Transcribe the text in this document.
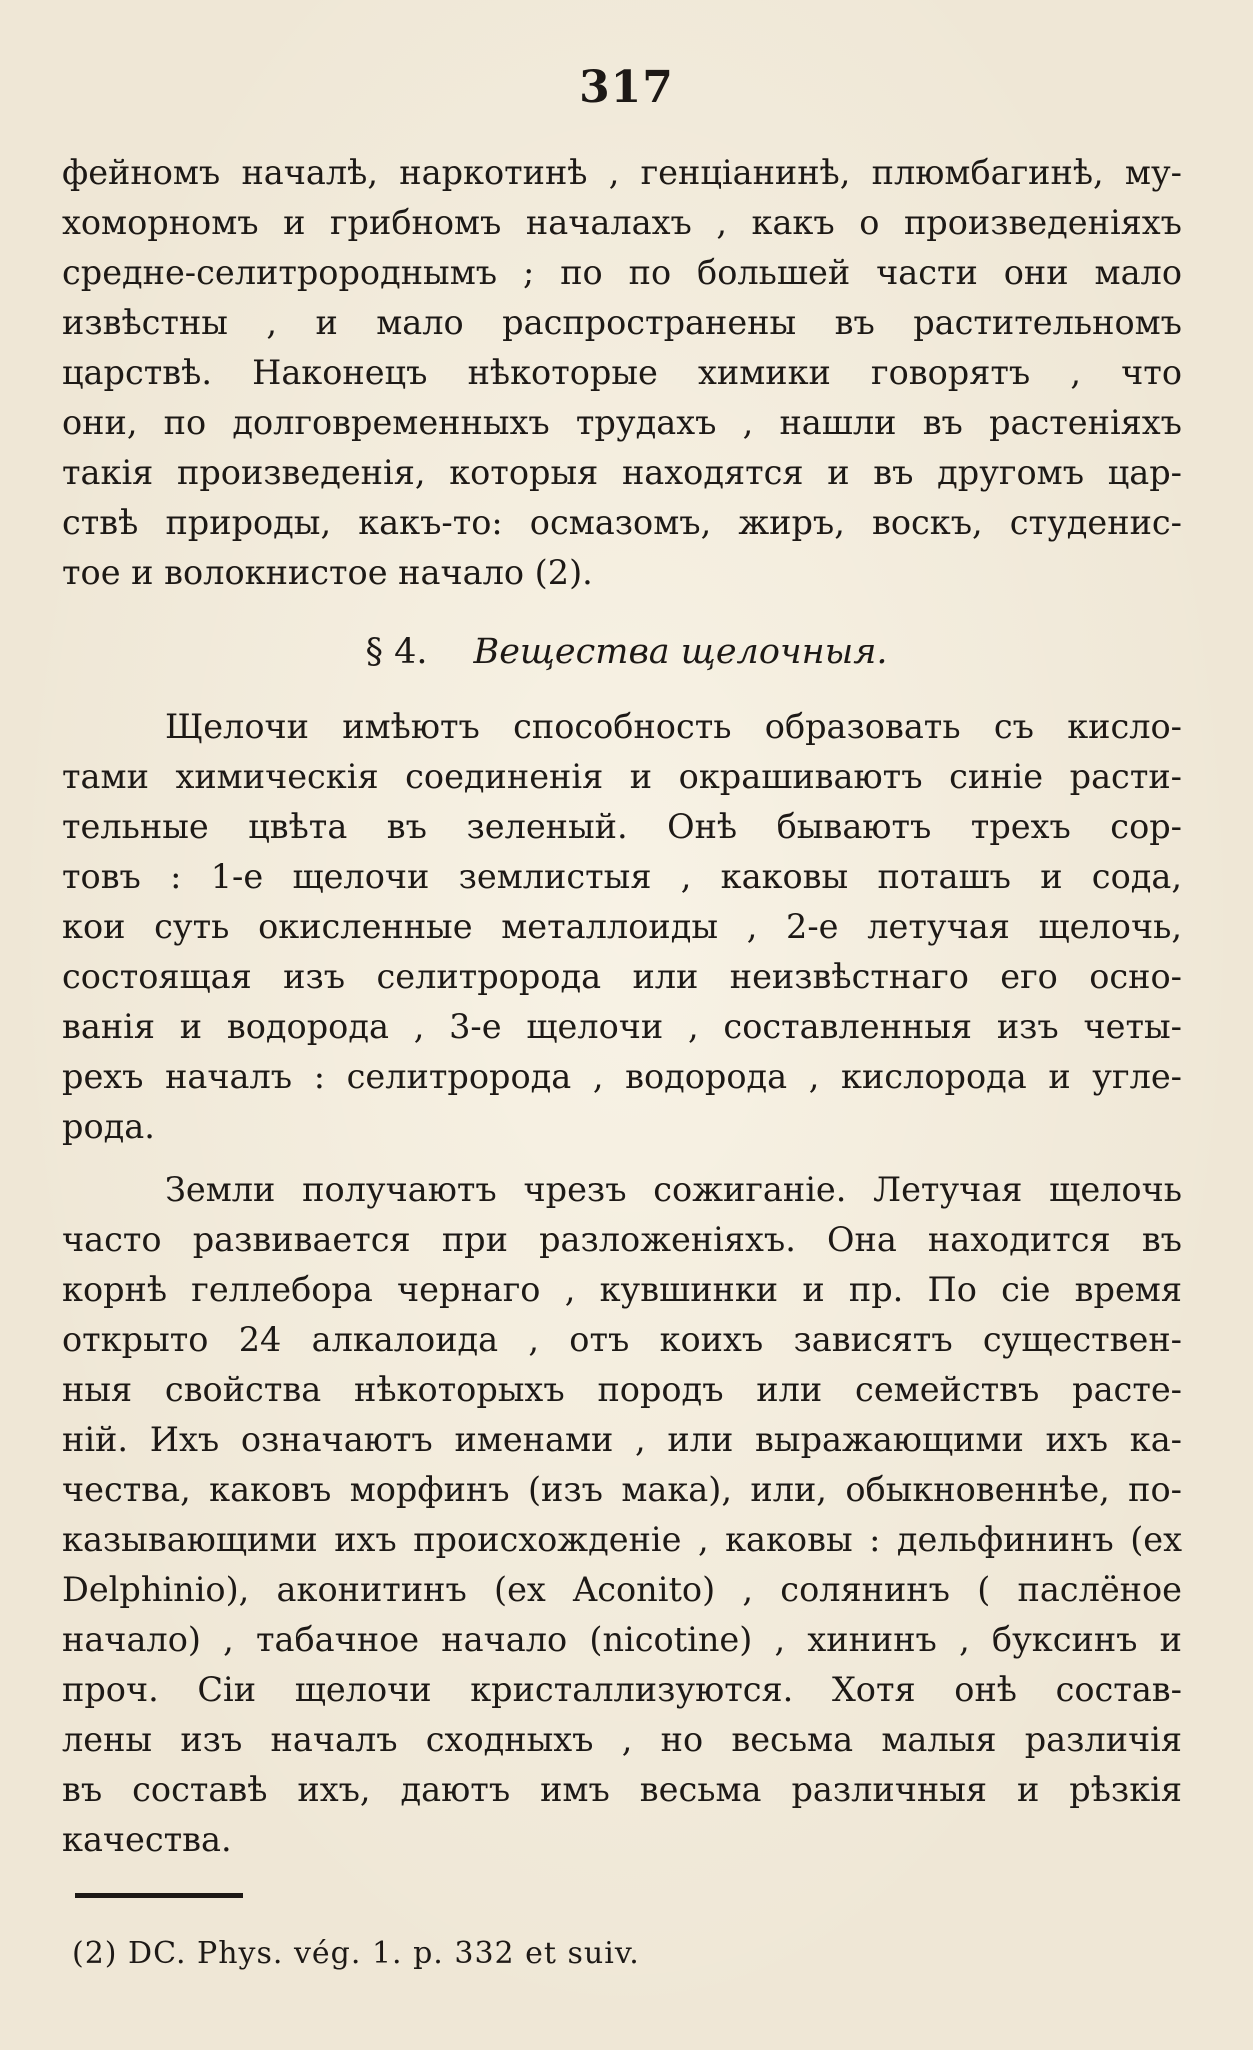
317
фейномъ началѣ, наркотинѣ , генціанинѣ, плюмбагинѣ, му-
хоморномъ и грибномъ началахъ , какъ о произведеніяхъ
средне-селитророднымъ ; по по большей части они мало
извѣстны , и мало распространены въ растительномъ
царствѣ. Наконецъ нѣкоторые химики говорятъ , что
они, по долговременныхъ трудахъ , нашли въ растеніяхъ
такія произведенія, которыя находятся и въ другомъ цар-
ствѣ природы, какъ-то: осмазомъ, жиръ, воскъ, студенис-
тое и волокнистое начало (2).
§ 4. Вещества щелочныя.
Щелочи имѣютъ способность образовать съ кисло-
тами химическія соединенія и окрашиваютъ синіе расти-
тельные цвѣта въ зеленый. Онѣ бываютъ трехъ сор-
товъ : 1-е щелочи землистыя , каковы поташъ и сода,
кои суть окисленные металлоиды , 2-е летучая щелочь,
состоящая изъ селитророда или неизвѣстнаго его осно-
ванія и водорода , 3-е щелочи , составленныя изъ четы-
рехъ началъ : селитророда , водорода , кислорода и угле-
рода.
Земли получаютъ чрезъ сожиганіе. Летучая щелочь
часто развивается при разложеніяхъ. Она находится въ
корнѣ геллебора чернаго , кувшинки и пр. По сіе время
открыто 24 алкалоида , отъ коихъ зависятъ существен-
ныя свойства нѣкоторыхъ породъ или семействъ расте-
ній. Ихъ означаютъ именами , или выражающими ихъ ка-
чества, каковъ морфинъ (изъ мака), или, обыкновеннѣе, по-
казывающими ихъ происхожденіе , каковы : дельфининъ (ех
Delphinio), аконитинъ (ex Aconito) , солянинъ ( паслёное
начало) , табачное начало (nicotine) , хининъ , буксинъ и
проч. Сіи щелочи кристаллизуются. Хотя онѣ состав-
лены изъ началъ сходныхъ , но весьма малыя различія
въ составѣ ихъ, даютъ имъ весьма различныя и рѣзкія
качества.
(2) DC. Phys. vég. 1. p. 332 et suiv.
